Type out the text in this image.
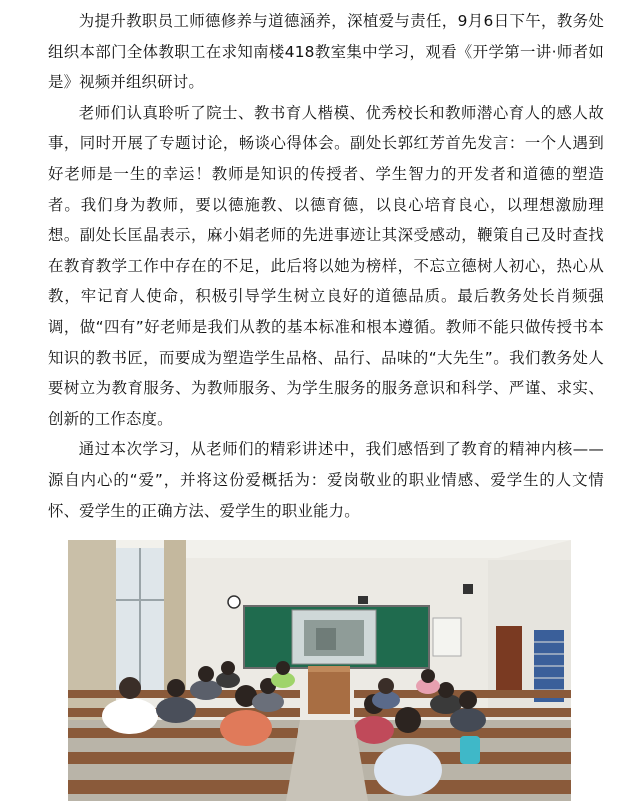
为提升教职员工师德修养与道德涵养，深植爱与责任，9月6日下午，教务处组织本部门全体教职工在求知南楼418教室集中学习，观看《开学第一讲·师者如是》视频并组织研讨。

老师们认真聆听了院士、教书育人楷模、优秀校长和教师潜心育人的感人故事，同时开展了专题讨论，畅谈心得体会。副处长郭红芳首先发言：一个人遇到好老师是一生的幸运！教师是知识的传授者、学生智力的开发者和道德的塑造者。我们身为教师，要以德施教、以德育德，以良心培育良心，以理想激励理想。副处长匡晶表示，麻小娟老师的先进事迹让其深受感动，鞭策自己及时查找在教育教学工作中存在的不足，此后将以她为榜样，不忘立德树人初心，热心从教，牢记育人使命，积极引导学生树立良好的道德品质。最后教务处长肖频强调，做“四有”好老师是我们从教的基本标准和根本遵循。教师不能只做传授书本知识的教书匠，而要成为塑造学生品格、品行、品味的“大先生”。我们教务处人要树立为教育服务、为教师服务、为学生服务的服务意识和科学、严谨、求实、创新的工作态度。

通过本次学习，从老师们的精彩讲述中，我们感悟到了教育的精神内核——源自内心的“爱”，并将这份爱概括为：爱岗敬业的职业情感、爱学生的人文情怀、爱学生的正确方法、爱学生的职业能力。
